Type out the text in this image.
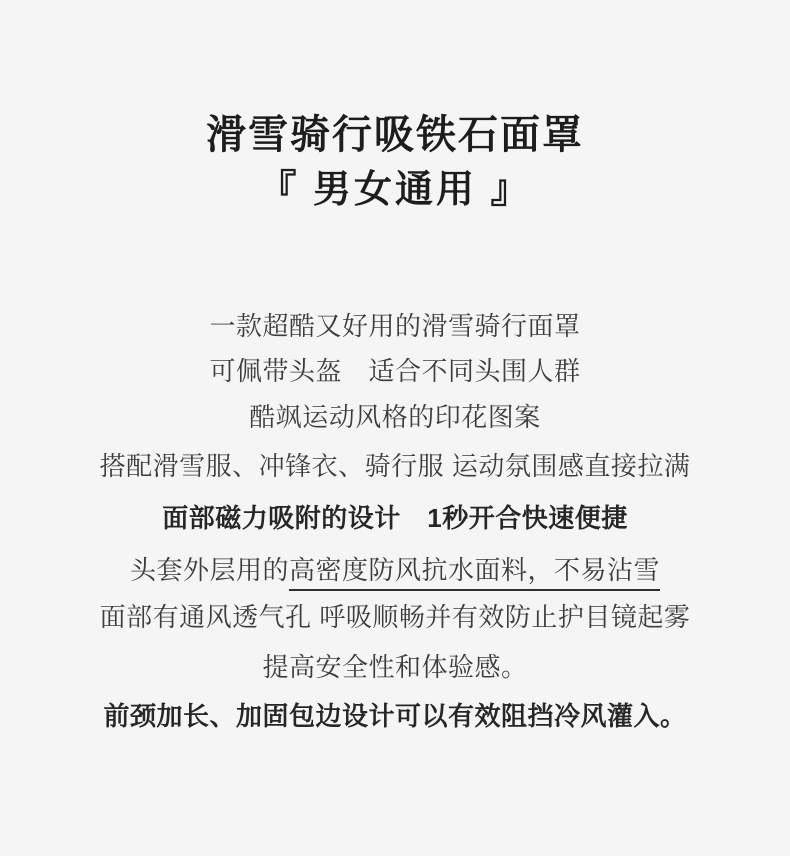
滑雪骑行吸铁石面罩
『 男女通用 』

一款超酷又好用的滑雪骑行面罩

可佩带头盔　适合不同头围人群

酷飒运动风格的印花图案

搭配滑雪服、冲锋衣、骑行服 运动氛围感直接拉满

面部磁力吸附的设计　1秒开合快速便捷

头套外层用的高密度防风抗水面料，不易沾雪

面部有通风透气孔 呼吸顺畅并有效防止护目镜起雾

提高安全性和体验感。

前颈加长、加固包边设计可以有效阻挡冷风灌入。
